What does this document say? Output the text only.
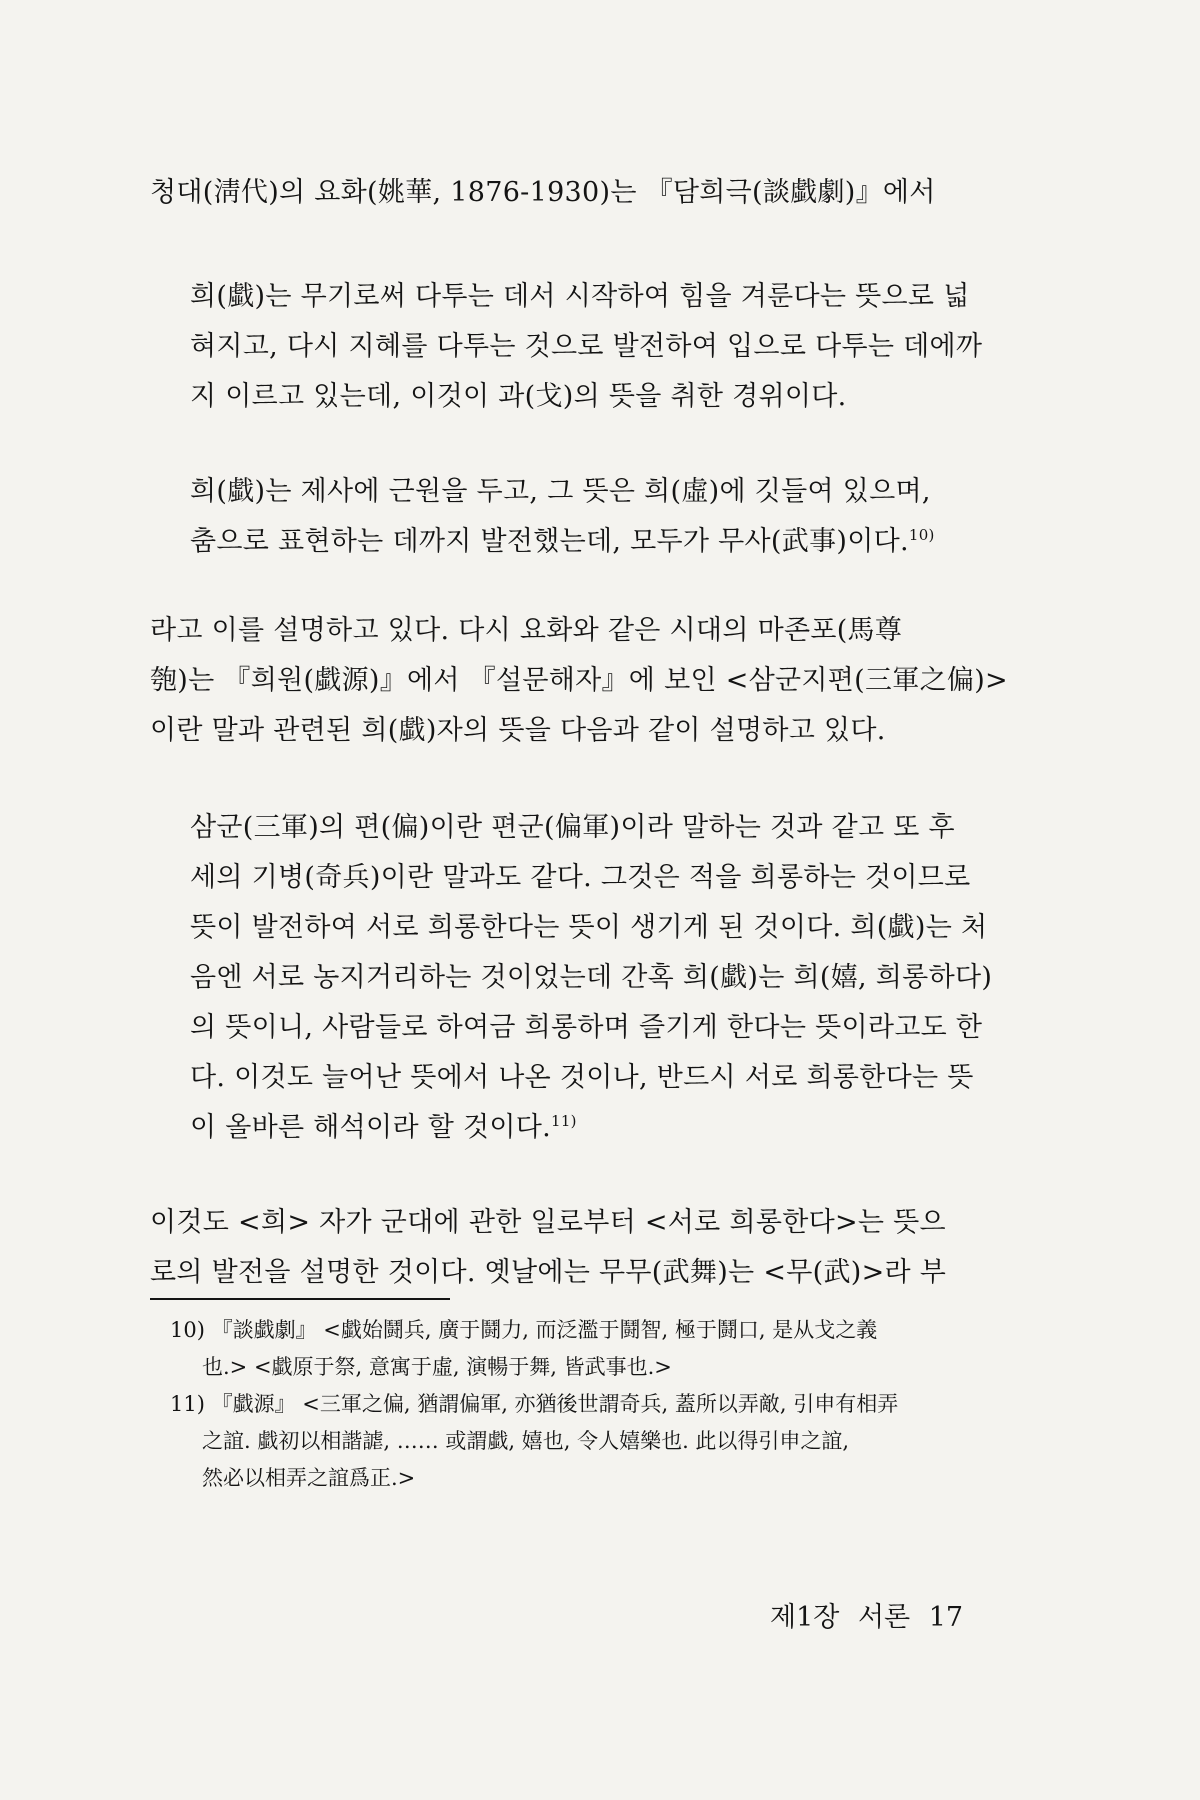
청대(淸代)의 요화(姚華, 1876-1930)는 『담희극(談戱劇)』에서
희(戱)는 무기로써 다투는 데서 시작하여 힘을 겨룬다는 뜻으로 넓
혀지고, 다시 지혜를 다투는 것으로 발전하여 입으로 다투는 데에까
지 이르고 있는데, 이것이 과(戈)의 뜻을 취한 경위이다.
희(戱)는 제사에 근원을 두고, 그 뜻은 희(虛)에 깃들여 있으며,
춤으로 표현하는 데까지 발전했는데, 모두가 무사(武事)이다.$^{10)}$
라고 이를 설명하고 있다. 다시 요화와 같은 시대의 마존포(馬尊
匏)는 『희원(戱源)』에서 『설문해자』에 보인 <삼군지편(三軍之偏)>
이란 말과 관련된 희(戱)자의 뜻을 다음과 같이 설명하고 있다.
삼군(三軍)의 편(偏)이란 편군(偏軍)이라 말하는 것과 같고 또 후
세의 기병(奇兵)이란 말과도 같다. 그것은 적을 희롱하는 것이므로
뜻이 발전하여 서로 희롱한다는 뜻이 생기게 된 것이다. 희(戱)는 처
음엔 서로 농지거리하는 것이었는데 간혹 희(戱)는 희(嬉, 희롱하다)
의 뜻이니, 사람들로 하여금 희롱하며 즐기게 한다는 뜻이라고도 한
다. 이것도 늘어난 뜻에서 나온 것이나, 반드시 서로 희롱한다는 뜻
이 올바른 해석이라 할 것이다.$^{11)}$
이것도 <희> 자가 군대에 관한 일로부터 <서로 희롱한다>는 뜻으
로의 발전을 설명한 것이다. 옛날에는 무무(武舞)는 <무(武)>라 부
10) 『談戱劇』 <戱始鬪兵, 廣于鬪力, 而泛濫于鬪智, 極于鬪口, 是从戈之義
也.> <戱原于祭, 意寓于虛, 演暢于舞, 皆武事也.>
11) 『戱源』 <三軍之偏, 猶謂偏軍, 亦猶後世謂奇兵, 蓋所以弄敵, 引申有相弄
之誼. 戱初以相諧謔, …… 或謂戱, 嬉也, 令人嬉樂也. 此以得引申之誼,
然必以相弄之誼爲正.>
제1장 서론 17
